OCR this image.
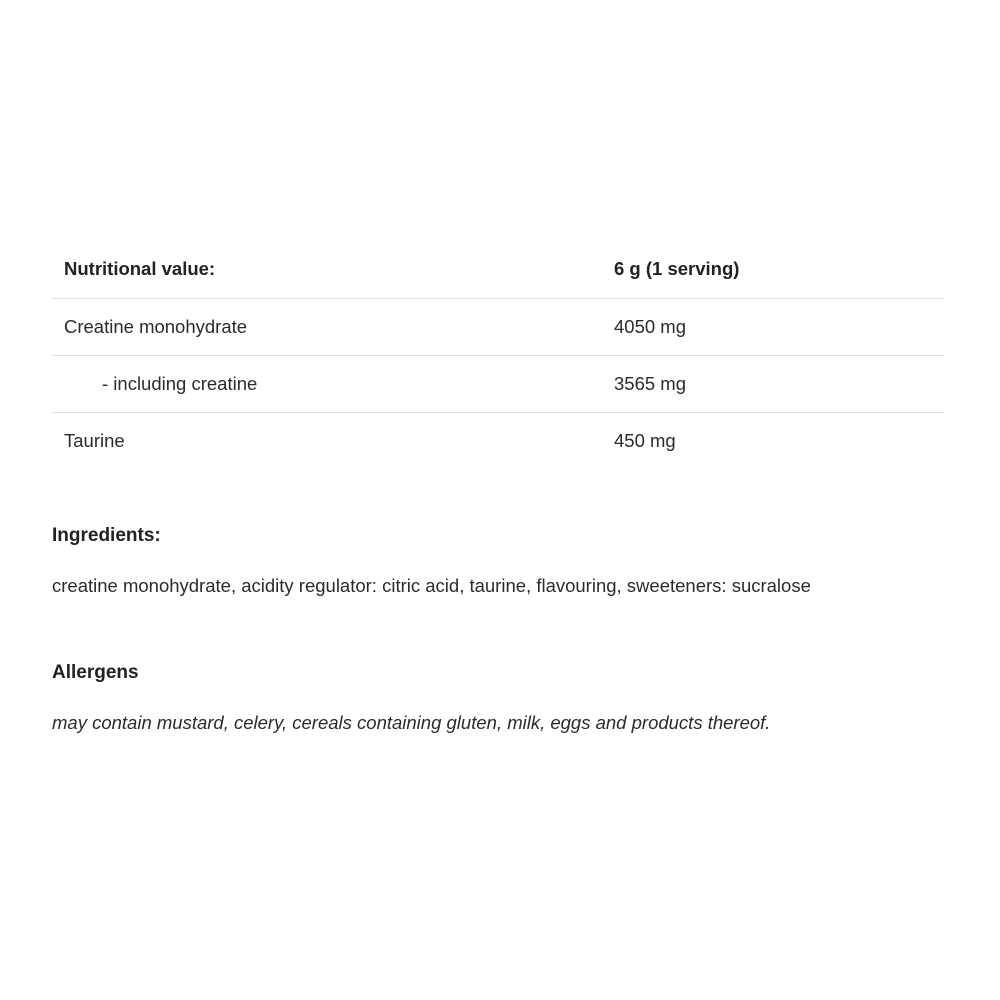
Nutritional value:	6 g (1 serving)
Creatine monohydrate	4050 mg
- including creatine	3565 mg
Taurine	450 mg
Ingredients:
creatine monohydrate, acidity regulator: citric acid, taurine, flavouring, sweeteners: sucralose
Allergens
may contain mustard, celery, cereals containing gluten, milk, eggs and products thereof.
